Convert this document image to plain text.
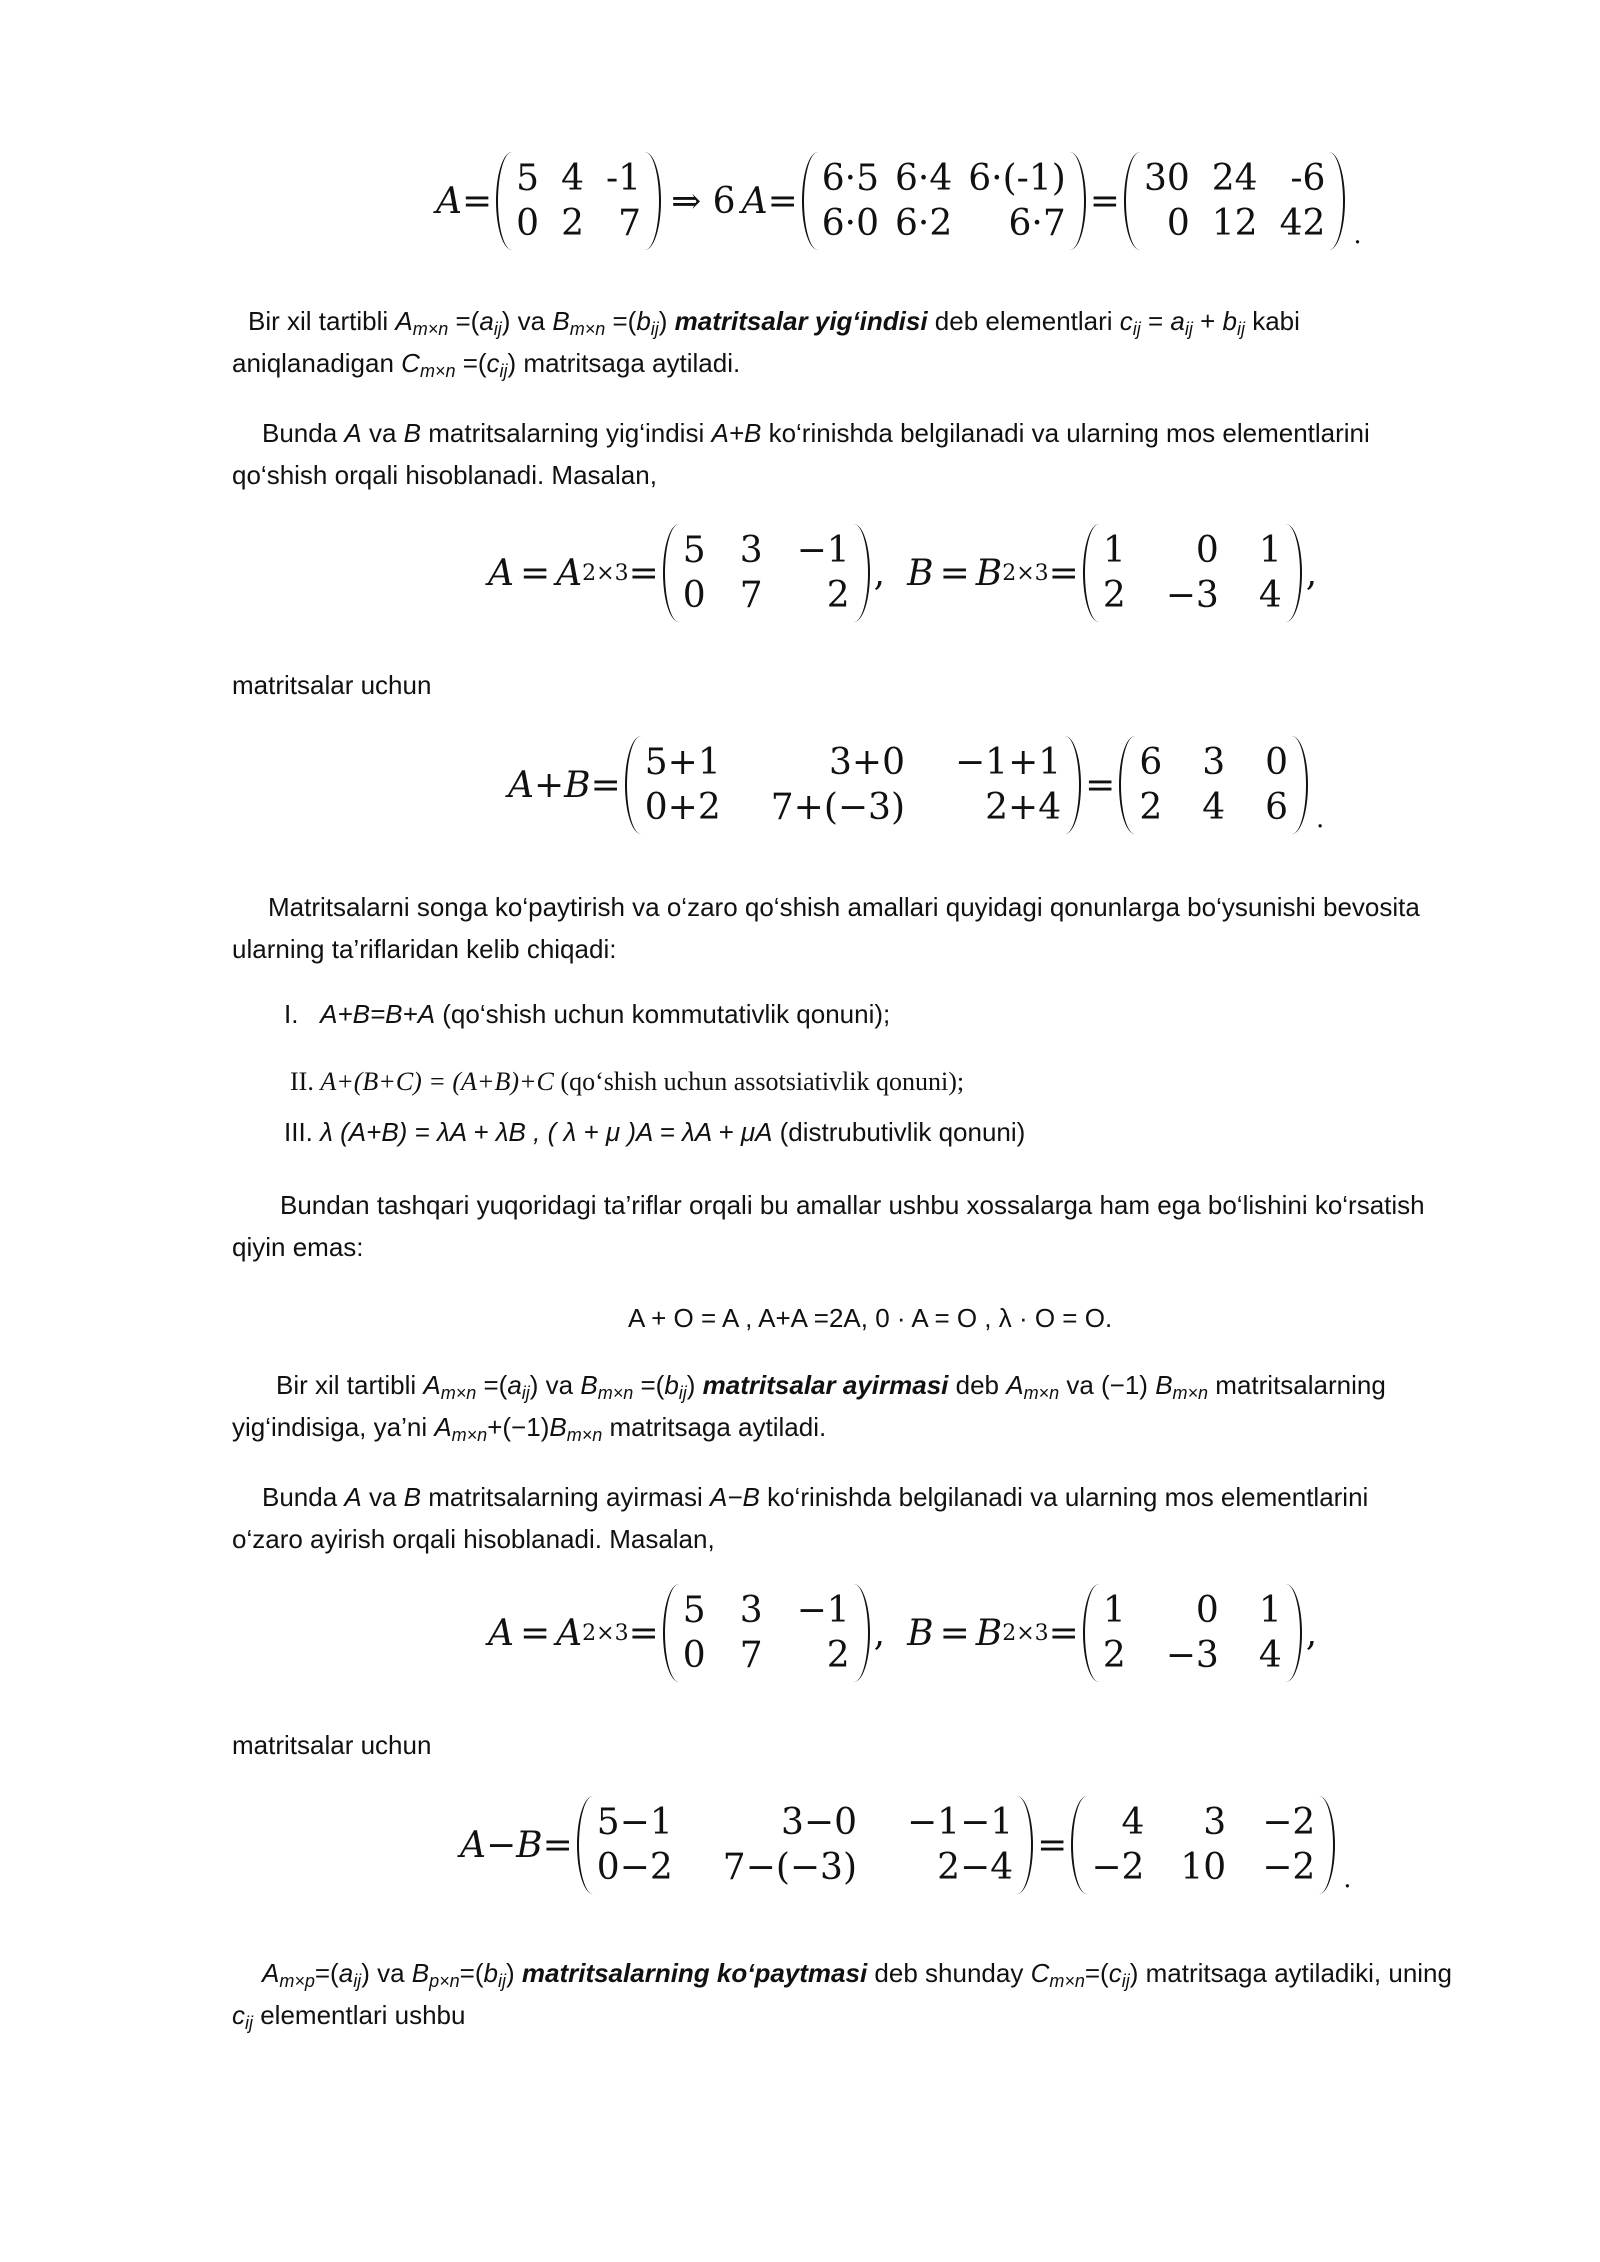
A=
5 4 -1
0 2 7
⇒ 6 A =
6·5 6·4 6·(-1)
6·0 6·2	6·7
=
30 24 -6
0 12 42 .
Bir xil tartibli Am×n =(aij) va Bm×n =(bij) matritsalar yig‘indisi deb elementlari cij = aij + bij kabi
aniqlanadigan Cm×n =(cij) matritsaga aytiladi.
Bunda A va B matritsalarning yig‘indisi A+B ko‘rinishda belgilanadi va ularning mos elementlarini
qo‘shish orqali hisoblanadi. Masalan,
A = A 2×3 =
5 3 −1
0 7	2
, B = B 2×3 =
1	0 1
2 −3 4
,
matritsalar uchun
A+B=
5+1	3+0 −1+1
0+2 7+(−3)	2+4
=
6 3 0
2 4 6 .
Matritsalarni songa ko‘paytirish va o‘zaro qo‘shish amallari quyidagi qonunlarga bo‘ysunishi bevosita
ularning ta’riflaridan kelib chiqadi:
I. A+B=B+A (qo‘shish uchun kommutativlik qonuni);
II. A+(B+C) = (A+B)+C (qo‘shish uchun assotsiativlik qonuni);
III. λ (A+B) = λA + λB , ( λ + μ )A = λA + μA (distrubutivlik qonuni)
Bundan tashqari yuqoridagi ta’riflar orqali bu amallar ushbu xossalarga ham ega bo‘lishini ko‘rsatish
qiyin emas:
A + O = A , A+A =2A, 0 · A = O , λ · O = O.
Bir xil tartibli Am×n =(aij) va Bm×n =(bij) matritsalar ayirmasi deb Am×n va (−1) Bm×n matritsalarning
yig‘indisiga, ya’ni Am×n+(−1)Bm×n matritsaga aytiladi.
Bunda A va B matritsalarning ayirmasi A−B ko‘rinishda belgilanadi va ularning mos elementlarini
o‘zaro ayirish orqali hisoblanadi. Masalan,
A = A 2×3 =
5 3 −1
0 7	2
, B = B 2×3 =
1	0 1
2 −3 4
,
matritsalar uchun
A−B=
5−1	3−0 −1−1
0−2 7−(−3)	2−4
=
4	3 −2
−2 10 −2 .
Am×p=(aij) va Bp×n=(bij) matritsalarning ko‘paytmasi deb shunday Cm×n=(cij) matritsaga aytiladiki, uning
cij elementlari ushbu
